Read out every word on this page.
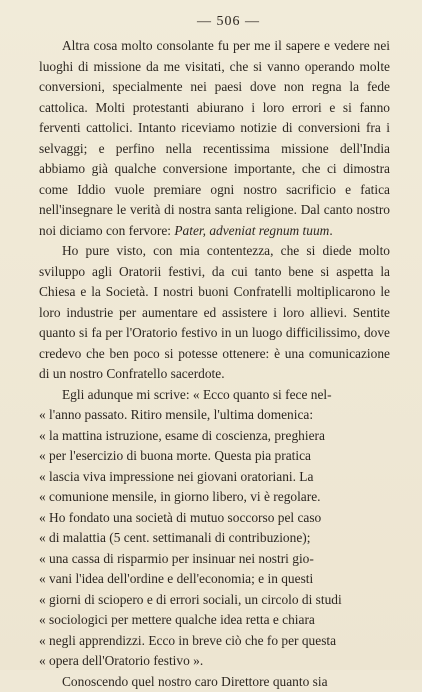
— 506 —

Altra cosa molto consolante fu per me il sapere e vedere nei luoghi di missione da me visitati, che si vanno operando molte conversioni, specialmente nei paesi dove non regna la fede cattolica. Molti protestanti abiurano i loro errori e si fanno ferventi cattolici. Intanto riceviamo notizie di conversioni fra i selvaggi; e perfino nella recentissima missione dell'India abbiamo già qualche conversione importante, che ci dimostra come Iddio vuole premiare ogni nostro sacrificio e fatica nell'insegnare le verità di nostra santa religione. Dal canto nostro noi diciamo con fervore: Pater, adveniat regnum tuum.

Ho pure visto, con mia contentezza, che si diede molto sviluppo agli Oratorii festivi, da cui tanto bene si aspetta la Chiesa e la Società. I nostri buoni Confratelli moltiplicarono le loro industrie per aumentare ed assistere i loro allievi. Sentite quanto si fa per l'Oratorio festivo in un luogo difficilissimo, dove credevo che ben poco si potesse ottenere: è una comunicazione di un nostro Confratello sacerdote.

Egli adunque mi scrive: « Ecco quanto si fece nel-
« l'anno passato. Ritiro mensile, l'ultima domenica:
« la mattina istruzione, esame di coscienza, preghiera
« per l'esercizio di buona morte. Questa pia pratica
« lascia viva impressione nei giovani oratoriani. La
« comunione mensile, in giorno libero, vi è regolare.
« Ho fondato una società di mutuo soccorso pel caso
« di malattia (5 cent. settimanali di contribuzione);
« una cassa di risparmio per insinuar nei nostri gio-
« vani l'idea dell'ordine e dell'economia; e in questi
« giorni di sciopero e di errori sociali, un circolo di studi
« sociologici per mettere qualche idea retta e chiara
« negli apprendizzi. Ecco in breve ciò che fo per questa
« opera dell'Oratorio festivo ».

Conoscendo quel nostro caro Direttore quanto sia
